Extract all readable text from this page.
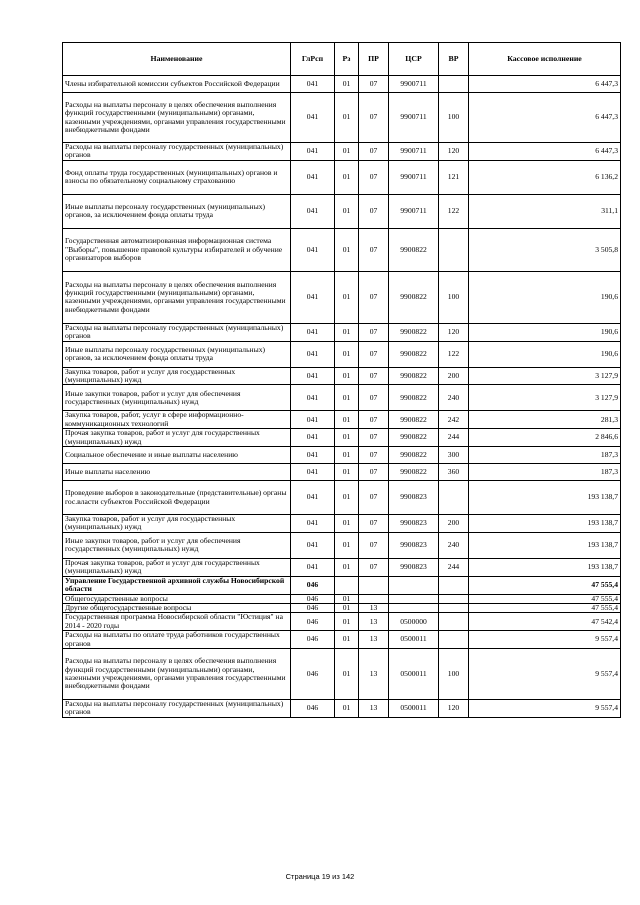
Наименование	ГлРсп	Рз	ПР	ЦСР	ВР	Кассовое исполнение
Члены избирательной комиссии субъектов Российской Федерации	041	01	07	9900711		6 447,3
Расходы на выплаты персоналу в целях обеспечения выполнения функций государственными (муниципальными) органами, казенными учреждениями, органами управления государственными внебюджетными фондами	041	01	07	9900711	100	6 447,3
Расходы на выплаты персоналу государственных (муниципальных) органов	041	01	07	9900711	120	6 447,3
Фонд оплаты труда государственных (муниципальных) органов и взносы по обязательному социальному страхованию	041	01	07	9900711	121	6 136,2
Иные выплаты персоналу государственных (муниципальных) органов, за исключением фонда оплаты труда	041	01	07	9900711	122	311,1
Государственная автоматизированная информационная система "Выборы", повышение правовой культуры избирателей и обучение организаторов выборов	041	01	07	9900822		3 505,8
Расходы на выплаты персоналу в целях обеспечения выполнения функций государственными (муниципальными) органами, казенными учреждениями, органами управления государственными внебюджетными фондами	041	01	07	9900822	100	190,6
Расходы на выплаты персоналу государственных (муниципальных) органов	041	01	07	9900822	120	190,6
Иные выплаты персоналу государственных (муниципальных) органов, за исключением фонда оплаты труда	041	01	07	9900822	122	190,6
Закупка товаров, работ и услуг для государственных (муниципальных) нужд	041	01	07	9900822	200	3 127,9
Иные закупки товаров, работ и услуг для обеспечения государственных (муниципальных) нужд	041	01	07	9900822	240	3 127,9
Закупка товаров, работ, услуг в сфере информационно-коммуникационных технологий	041	01	07	9900822	242	281,3
Прочая закупка товаров, работ и услуг для государственных (муниципальных) нужд	041	01	07	9900822	244	2 846,6
Социальное обеспечение и иные выплаты населению	041	01	07	9900822	300	187,3
Иные выплаты населению	041	01	07	9900822	360	187,3
Проведение выборов в законодательные (представительные) органы гос.власти субъектов Российской Федерации	041	01	07	9900823		193 138,7
Закупка товаров, работ и услуг для государственных (муниципальных) нужд	041	01	07	9900823	200	193 138,7
Иные закупки товаров, работ и услуг для обеспечения государственных (муниципальных) нужд	041	01	07	9900823	240	193 138,7
Прочая закупка товаров, работ и услуг для государственных (муниципальных) нужд	041	01	07	9900823	244	193 138,7
Управление Государственной архивной службы Новосибирской области	046					47 555,4
Общегосударственные вопросы	046	01				47 555,4
Другие общегосударственные вопросы	046	01	13			47 555,4
Государственная программа Новосибирской области "Юстиция" на 2014 - 2020 годы	046	01	13	0500000		47 542,4
Расходы на выплаты по оплате труда работников государственных органов	046	01	13	0500011		9 557,4
Расходы на выплаты персоналу в целях обеспечения выполнения функций государственными (муниципальными) органами, казенными учреждениями, органами управления государственными внебюджетными фондами	046	01	13	0500011	100	9 557,4
Расходы на выплаты персоналу государственных (муниципальных) органов	046	01	13	0500011	120	9 557,4
Страница 19 из 142
